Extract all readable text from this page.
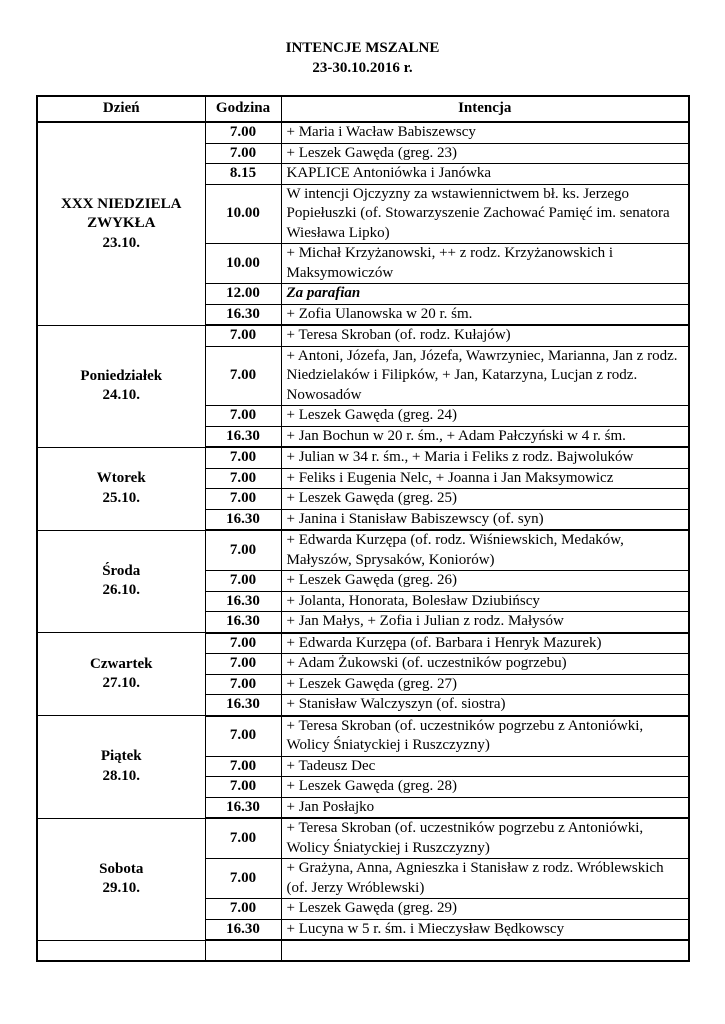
INTENCJE MSZALNE
23-30.10.2016 r.
Dzień	Godzina	Intencja

XXX NIEDZIELA
ZWYKŁA
23.10.	7.00	+ Maria i Wacław Babiszewscy
	7.00	+ Leszek Gawęda (greg. 23)
	8.15	KAPLICE Antoniówka i Janówka
	10.00	W intencji Ojczyzny za wstawiennictwem bł. ks. Jerzego Popiełuszki (of. Stowarzyszenie Zachować Pamięć im. senatora Wiesława Lipko)
	10.00	+ Michał Krzyżanowski, ++ z rodz. Krzyżanowskich i Maksymowiczów
	12.00	Za parafian
	16.30	+ Zofia Ulanowska w 20 r. śm.

Poniedziałek
24.10.	7.00	+ Teresa Skroban (of. rodz. Kułajów)
	7.00	+ Antoni, Józefa, Jan, Józefa, Wawrzyniec, Marianna, Jan z rodz. Niedzielaków i Filipków, + Jan, Katarzyna, Lucjan z rodz. Nowosadów
	7.00	+ Leszek Gawęda (greg. 24)
	16.30	+ Jan Bochun w 20 r. śm., + Adam Pałczyński w 4 r. śm.

Wtorek
25.10.	7.00	+ Julian w 34 r. śm., + Maria i Feliks z rodz. Bajwoluków
	7.00	+ Feliks i Eugenia Nelc, + Joanna i Jan Maksymowicz
	7.00	+ Leszek Gawęda (greg. 25)
	16.30	+ Janina i Stanisław Babiszewscy (of. syn)

Środa
26.10.	7.00	+ Edwarda Kurzępa (of. rodz. Wiśniewskich, Medaków, Małyszów, Sprysaków, Koniorów)
	7.00	+ Leszek Gawęda (greg. 26)
	16.30	+ Jolanta, Honorata, Bolesław Dziubińscy
	16.30	+ Jan Małys, + Zofia i Julian z rodz. Małysów

Czwartek
27.10.	7.00	+ Edwarda Kurzępa (of. Barbara i Henryk Mazurek)
	7.00	+ Adam Żukowski (of. uczestników pogrzebu)
	7.00	+ Leszek Gawęda (greg. 27)
	16.30	+ Stanisław Walczyszyn (of. siostra)

Piątek
28.10.	7.00	+ Teresa Skroban (of. uczestników pogrzebu z Antoniówki, Wolicy Śniatyckiej i Ruszczyzny)
	7.00	+ Tadeusz Dec
	7.00	+ Leszek Gawęda (greg. 28)
	16.30	+ Jan Posłajko

Sobota
29.10.	7.00	+ Teresa Skroban (of. uczestników pogrzebu z Antoniówki, Wolicy Śniatyckiej i Ruszczyzny)
	7.00	+ Grażyna, Anna, Agnieszka i Stanisław z rodz. Wróblewskich (of. Jerzy Wróblewski)
	7.00	+ Leszek Gawęda (greg. 29)
	16.30	+ Lucyna w 5 r. śm. i Mieczysław Będkowscy
